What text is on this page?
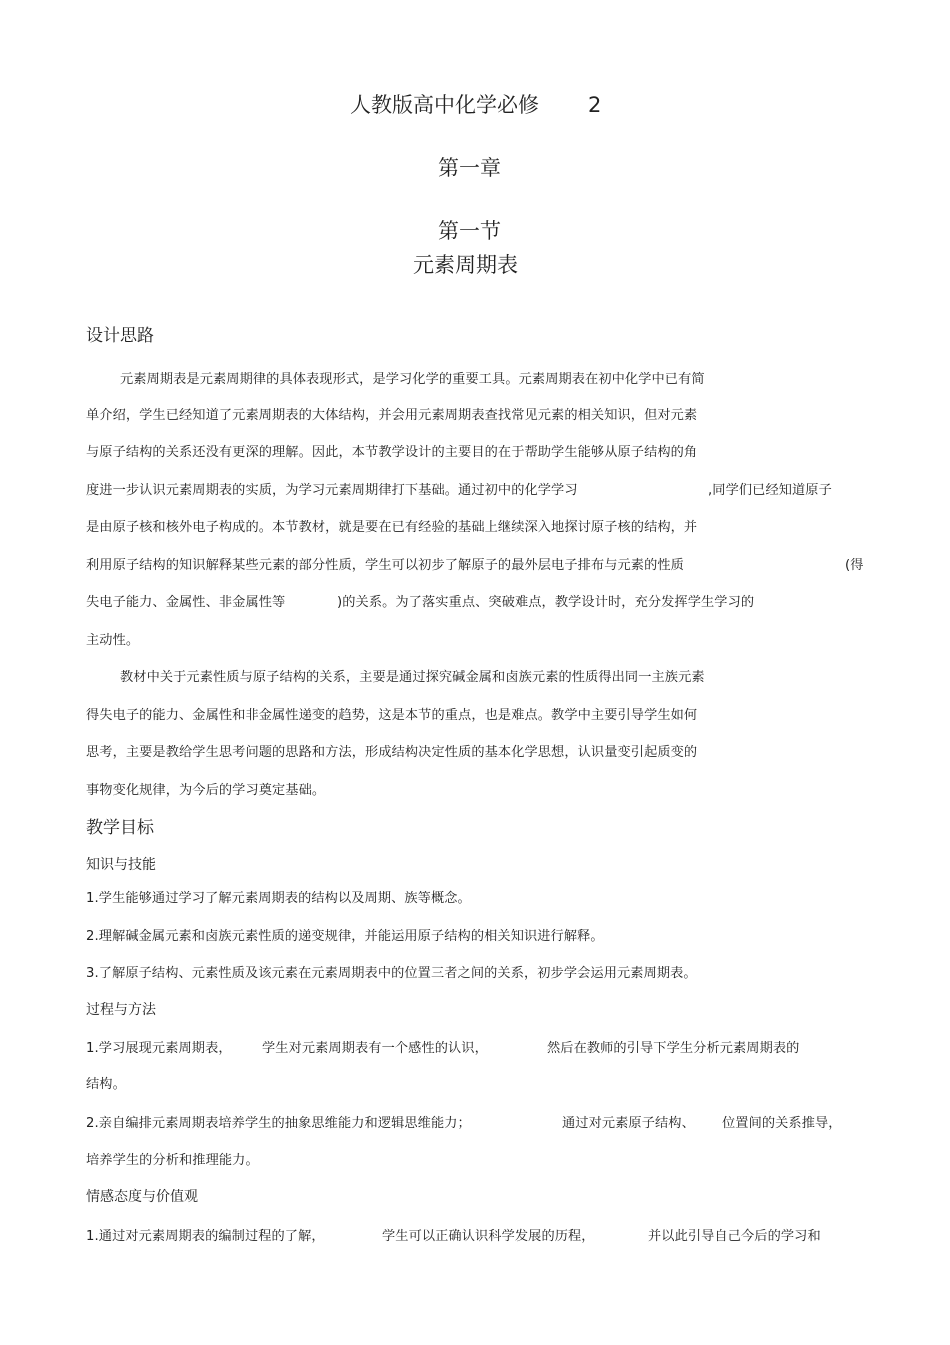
人教版高中化学必修 2
第一章
第一节
元素周期表
设计思路
元素周期表是元素周期律的具体表现形式，是学习化学的重要工具。元素周期表在初中化学中已有简
单介绍，学生已经知道了元素周期表的大体结构，并会用元素周期表查找常见元素的相关知识，但对元素
与原子结构的关系还没有更深的理解。因此，本节教学设计的主要目的在于帮助学生能够从原子结构的角
度进一步认识元素周期表的实质，为学习元素周期律打下基础。通过初中的化学学习	,同学们已经知道原子
是由原子核和核外电子构成的。本节教材，就是要在已有经验的基础上继续深入地探讨原子核的结构，并
利用原子结构的知识解释某些元素的部分性质，学生可以初步了解原子的最外层电子排布与元素的性质	(得
失电子能力、金属性、非金属性等	)的关系。为了落实重点、突破难点，教学设计时，充分发挥学生学习的
主动性。
教材中关于元素性质与原子结构的关系，主要是通过探究碱金属和卤族元素的性质得出同一主族元素
得失电子的能力、金属性和非金属性递变的趋势，这是本节的重点，也是难点。教学中主要引导学生如何
思考，主要是教给学生思考问题的思路和方法，形成结构决定性质的基本化学思想，认识量变引起质变的
事物变化规律，为今后的学习奠定基础。
教学目标
知识与技能
1.学生能够通过学习了解元素周期表的结构以及周期、族等概念。
2.理解碱金属元素和卤族元素性质的递变规律，并能运用原子结构的相关知识进行解释。
3.了解原子结构、元素性质及该元素在元素周期表中的位置三者之间的关系，初步学会运用元素周期表。
过程与方法
1.学习展现元素周期表， 学生对元素周期表有一个感性的认识，	然后在教师的引导下学生分析元素周期表的
结构。
2.亲自编排元素周期表培养学生的抽象思维能力和逻辑思维能力；	通过对元素原子结构、 位置间的关系推导，
培养学生的分析和推理能力。
情感态度与价值观
1.通过对元素周期表的编制过程的了解，	学生可以正确认识科学发展的历程，	并以此引导自己今后的学习和
